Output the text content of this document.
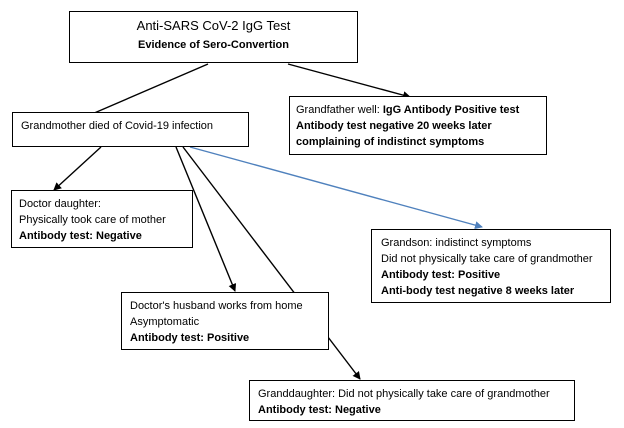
Anti-SARS CoV-2 IgG Test
Evidence of Sero-Convertion
Grandmother died of Covid-19 infection
Grandfather well: IgG Antibody Positive test
Antibody test negative 20 weeks later
complaining of indistinct symptoms
Doctor daughter:
Physically took care of mother
Antibody test: Negative
Grandson: indistinct symptoms
Did not physically take care of grandmother
Antibody test: Positive
Anti-body test negative 8 weeks later
Doctor's husband works from home
Asymptomatic
Antibody test: Positive
Granddaughter: Did not physically take care of grandmother
Antibody test: Negative
